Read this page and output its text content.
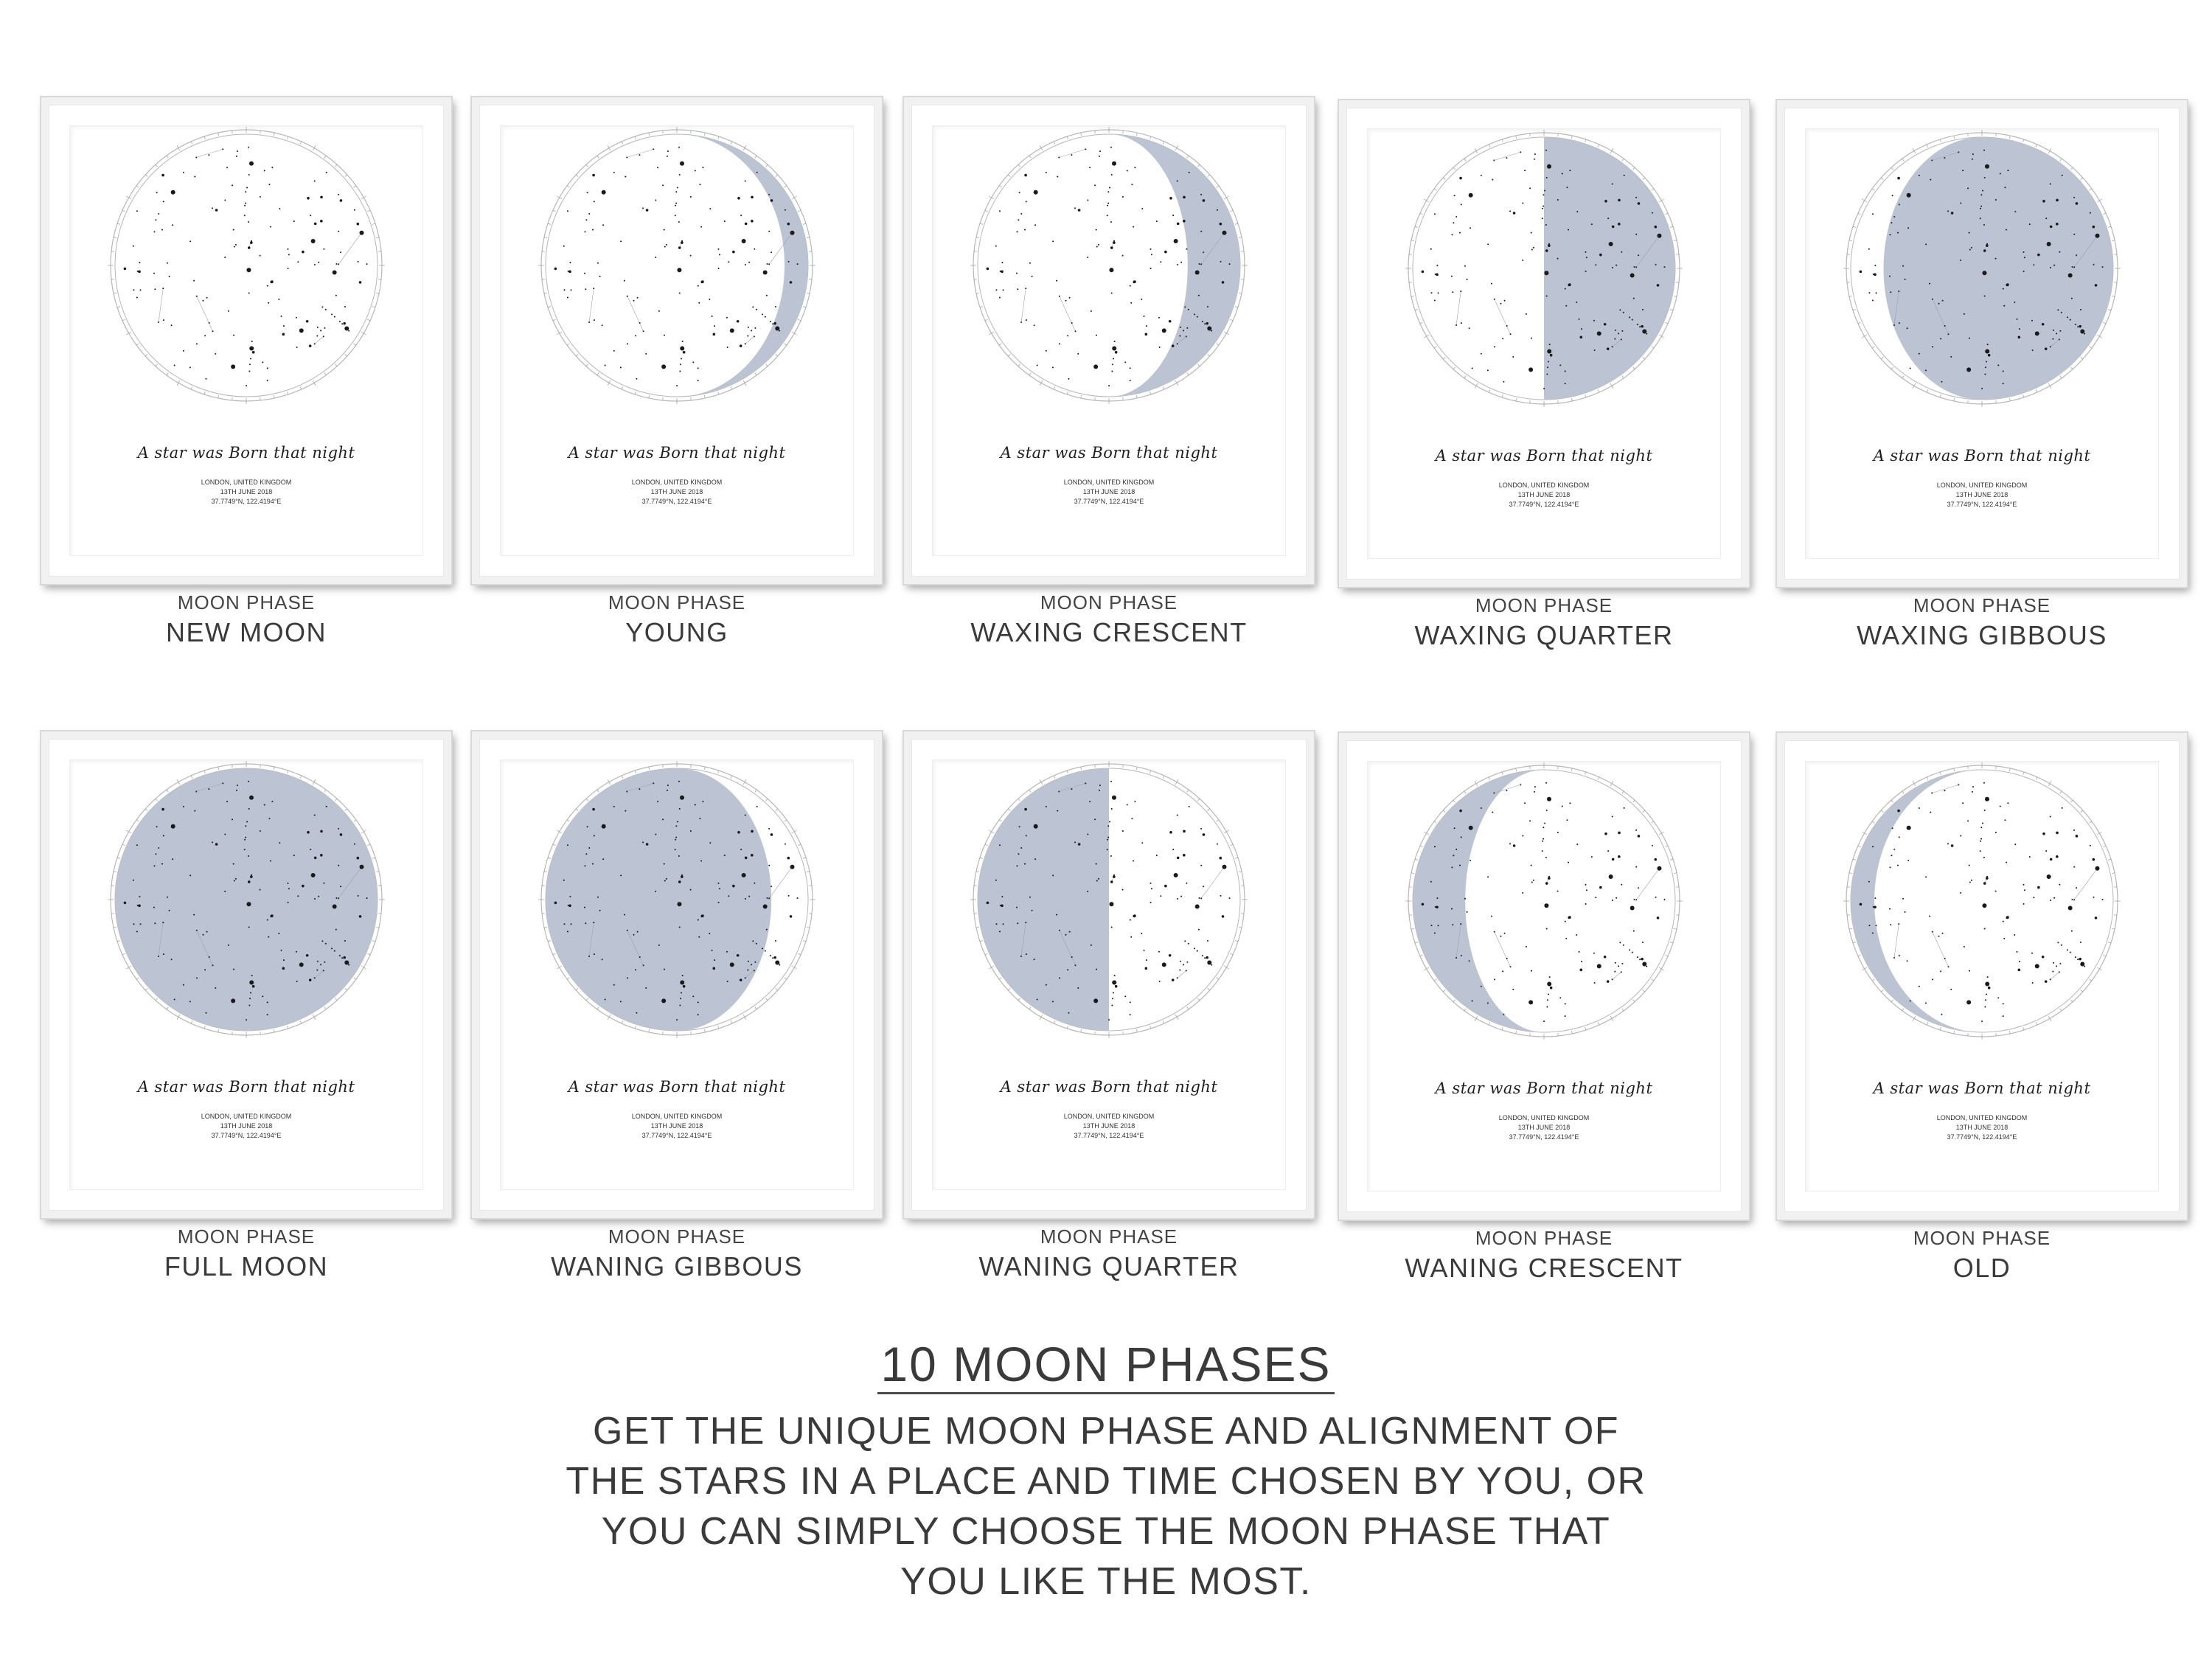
A star was Born that night
LONDON, UNITED KINGDOM
13TH JUNE 2018
37.7749°N, 122.4194°E
MOON PHASE
NEW MOON
A star was Born that night
LONDON, UNITED KINGDOM
13TH JUNE 2018
37.7749°N, 122.4194°E
MOON PHASE
YOUNG
A star was Born that night
LONDON, UNITED KINGDOM
13TH JUNE 2018
37.7749°N, 122.4194°E
MOON PHASE
WAXING CRESCENT
A star was Born that night
LONDON, UNITED KINGDOM
13TH JUNE 2018
37.7749°N, 122.4194°E
MOON PHASE
WAXING QUARTER
A star was Born that night
LONDON, UNITED KINGDOM
13TH JUNE 2018
37.7749°N, 122.4194°E
MOON PHASE
WAXING GIBBOUS
A star was Born that night
LONDON, UNITED KINGDOM
13TH JUNE 2018
37.7749°N, 122.4194°E
MOON PHASE
FULL MOON
A star was Born that night
LONDON, UNITED KINGDOM
13TH JUNE 2018
37.7749°N, 122.4194°E
MOON PHASE
WANING GIBBOUS
A star was Born that night
LONDON, UNITED KINGDOM
13TH JUNE 2018
37.7749°N, 122.4194°E
MOON PHASE
WANING QUARTER
A star was Born that night
LONDON, UNITED KINGDOM
13TH JUNE 2018
37.7749°N, 122.4194°E
MOON PHASE
WANING CRESCENT
A star was Born that night
LONDON, UNITED KINGDOM
13TH JUNE 2018
37.7749°N, 122.4194°E
MOON PHASE
OLD
10 MOON PHASES
GET THE UNIQUE MOON PHASE AND ALIGNMENT OF
THE STARS IN A PLACE AND TIME CHOSEN BY YOU, OR
YOU CAN SIMPLY CHOOSE THE MOON PHASE THAT
YOU LIKE THE MOST.
